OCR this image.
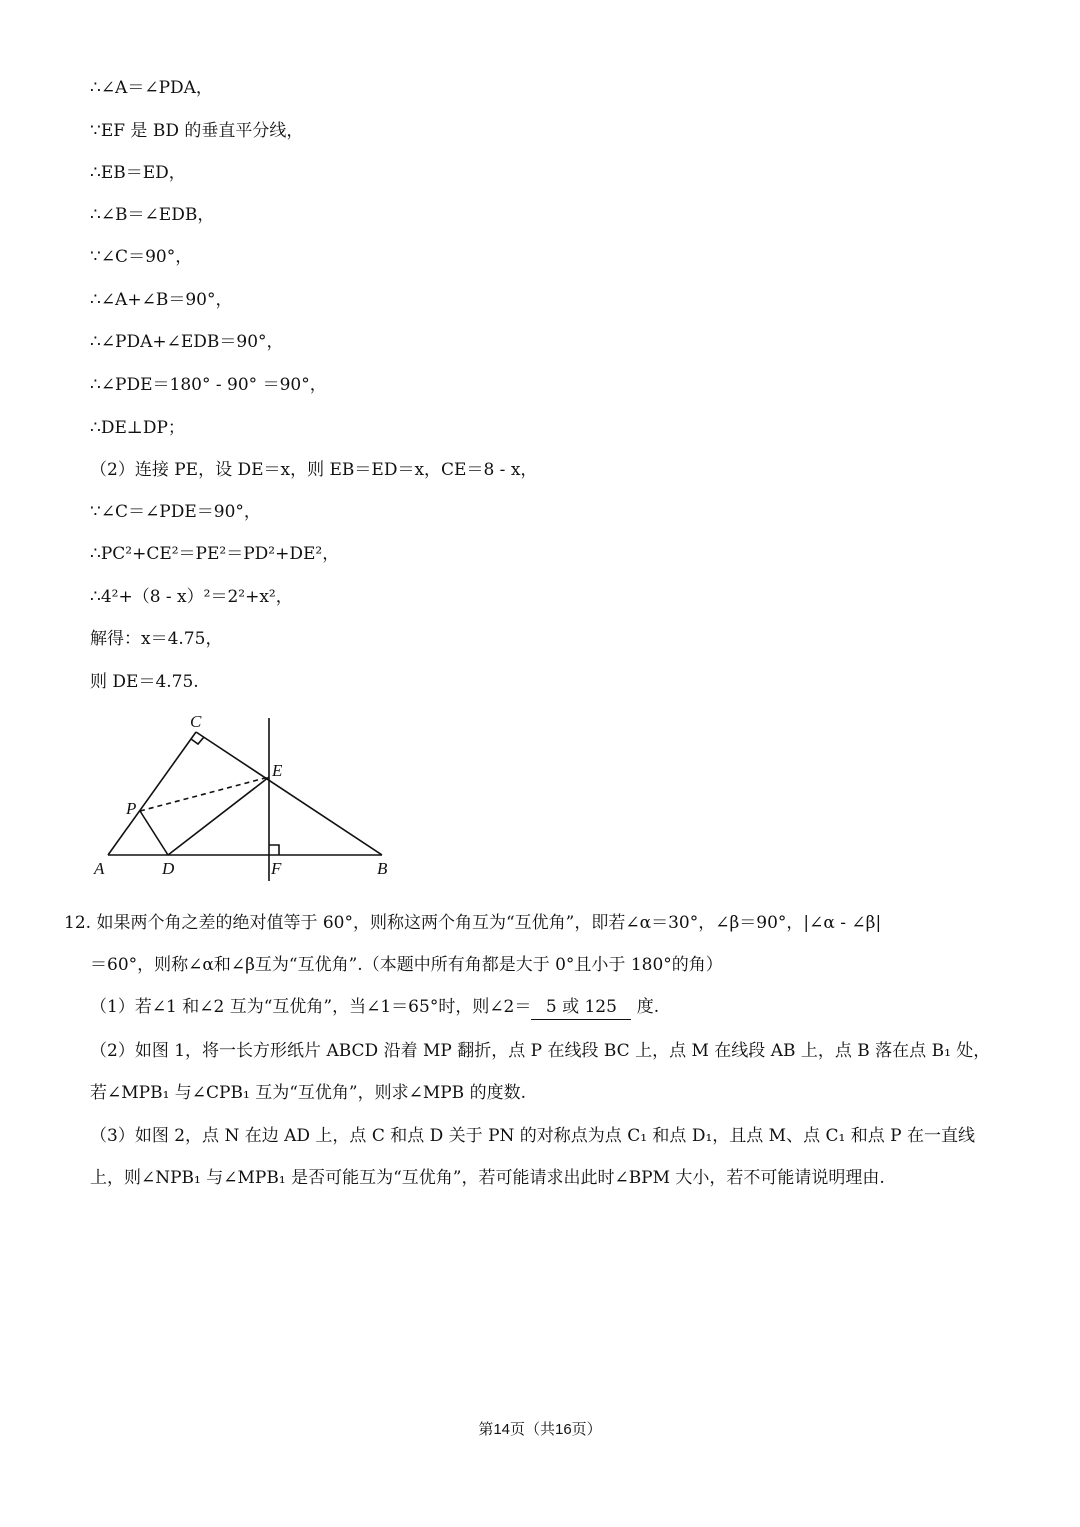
∴∠A＝∠PDA，
∵EF 是 BD 的垂直平分线，
∴EB＝ED，
∴∠B＝∠EDB，
∵∠C＝90°，
∴∠A+∠B＝90°，
∴∠PDA+∠EDB＝90°，
∴∠PDE＝180° - 90° ＝90°，
∴DE⊥DP；
（2）连接 PE，设 DE＝x，则 EB＝ED＝x，CE＝8 - x，
∵∠C＝∠PDE＝90°，
∴PC²+CE²＝PE²＝PD²+DE²，
∴4²+（8 - x）²＝2²+x²，
解得：x＝4.75，
则 DE＝4.75.
C
E
P
A	D	F	B
12. 如果两个角之差的绝对值等于 60°，则称这两个角互为“互优角”，即若∠α＝30°，∠β＝90°，|∠α - ∠β|
＝60°，则称∠α和∠β互为“互优角”.（本题中所有角都是大于 0°且小于 180°的角）
（1）若∠1 和∠2 互为“互优角”，当∠1＝65°时，则∠2＝ 5 或 125 度.
（2）如图 1，将一长方形纸片 ABCD 沿着 MP 翻折，点 P 在线段 BC 上，点 M 在线段 AB 上，点 B 落在点 B₁ 处，
若∠MPB₁ 与∠CPB₁ 互为“互优角”，则求∠MPB 的度数.
（3）如图 2，点 N 在边 AD 上，点 C 和点 D 关于 PN 的对称点为点 C₁ 和点 D₁，且点 M、点 C₁ 和点 P 在一直线
上，则∠NPB₁ 与∠MPB₁ 是否可能互为“互优角”，若可能请求出此时∠BPM 大小，若不可能请说明理由.
第14页（共16页）
